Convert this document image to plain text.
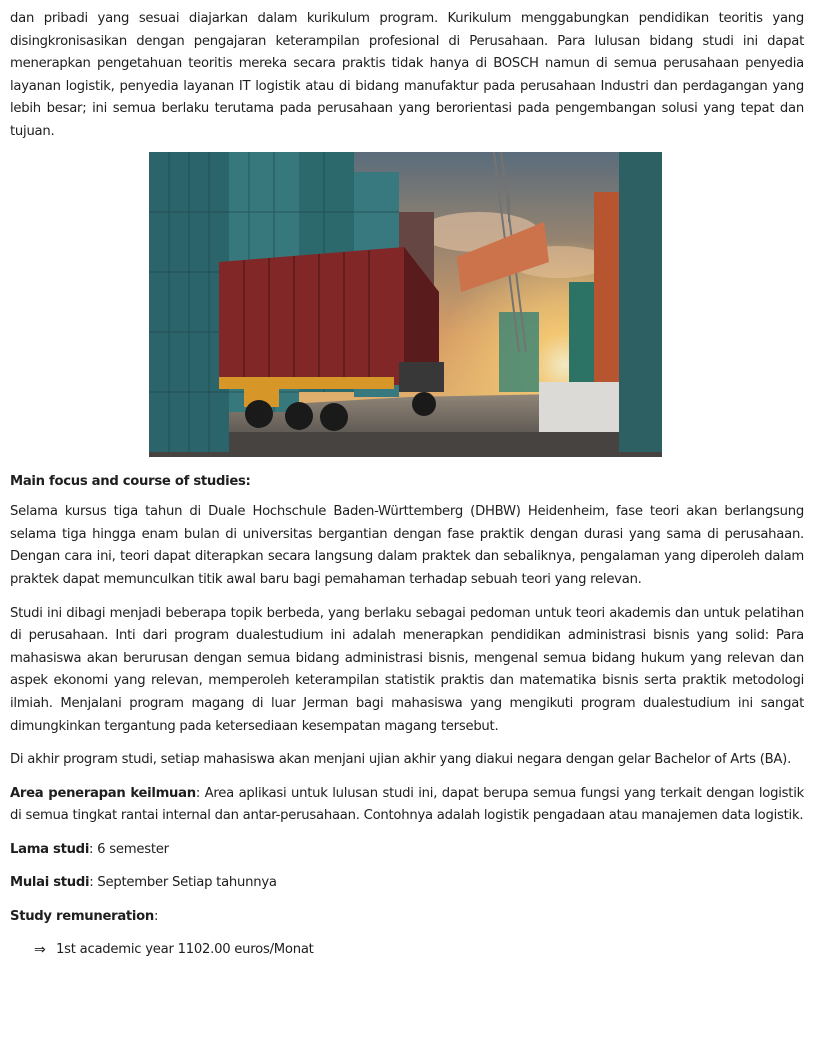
dan pribadi yang sesuai diajarkan dalam kurikulum program. Kurikulum menggabungkan pendidikan teoritis yang disingkronisasikan dengan pengajaran keterampilan profesional di Perusahaan. Para lulusan bidang studi ini dapat menerapkan pengetahuan teoritis mereka secara praktis tidak hanya di BOSCH namun di semua perusahaan penyedia layanan logistik, penyedia layanan IT logistik atau di bidang manufaktur pada perusahaan Industri dan perdagangan yang lebih besar; ini semua berlaku terutama pada perusahaan yang berorientasi pada pengembangan solusi yang tepat dan tujuan.

Main focus and course of studies:

Selama kursus tiga tahun di Duale Hochschule Baden-Württemberg (DHBW) Heidenheim, fase teori akan berlangsung selama tiga hingga enam bulan di universitas bergantian dengan fase praktik dengan durasi yang sama di perusahaan. Dengan cara ini, teori dapat diterapkan secara langsung dalam praktek dan sebaliknya, pengalaman yang diperoleh dalam praktek dapat memunculkan titik awal baru bagi pemahaman terhadap sebuah teori yang relevan.

Studi ini dibagi menjadi beberapa topik berbeda, yang berlaku sebagai pedoman untuk teori akademis dan untuk pelatihan di perusahaan. Inti dari program dualestudium ini adalah menerapkan pendidikan administrasi bisnis yang solid: Para mahasiswa akan berurusan dengan semua bidang administrasi bisnis, mengenal semua bidang hukum yang relevan dan aspek ekonomi yang relevan, memperoleh keterampilan statistik praktis dan matematika bisnis serta praktik metodologi ilmiah. Menjalani program magang di luar Jerman bagi mahasiswa yang mengikuti program dualestudium ini sangat dimungkinkan tergantung pada ketersediaan kesempatan magang tersebut.

Di akhir program studi, setiap mahasiswa akan menjani ujian akhir yang diakui negara dengan gelar Bachelor of Arts (BA).

Area penerapan keilmuan: Area aplikasi untuk lulusan studi ini, dapat berupa semua fungsi yang terkait dengan logistik di semua tingkat rantai internal dan antar-perusahaan. Contohnya adalah logistik pengadaan atau manajemen data logistik.

Lama studi: 6 semester

Mulai studi: September Setiap tahunnya

Study remuneration:

⇒ 1st academic year 1102.00 euros/Monat
